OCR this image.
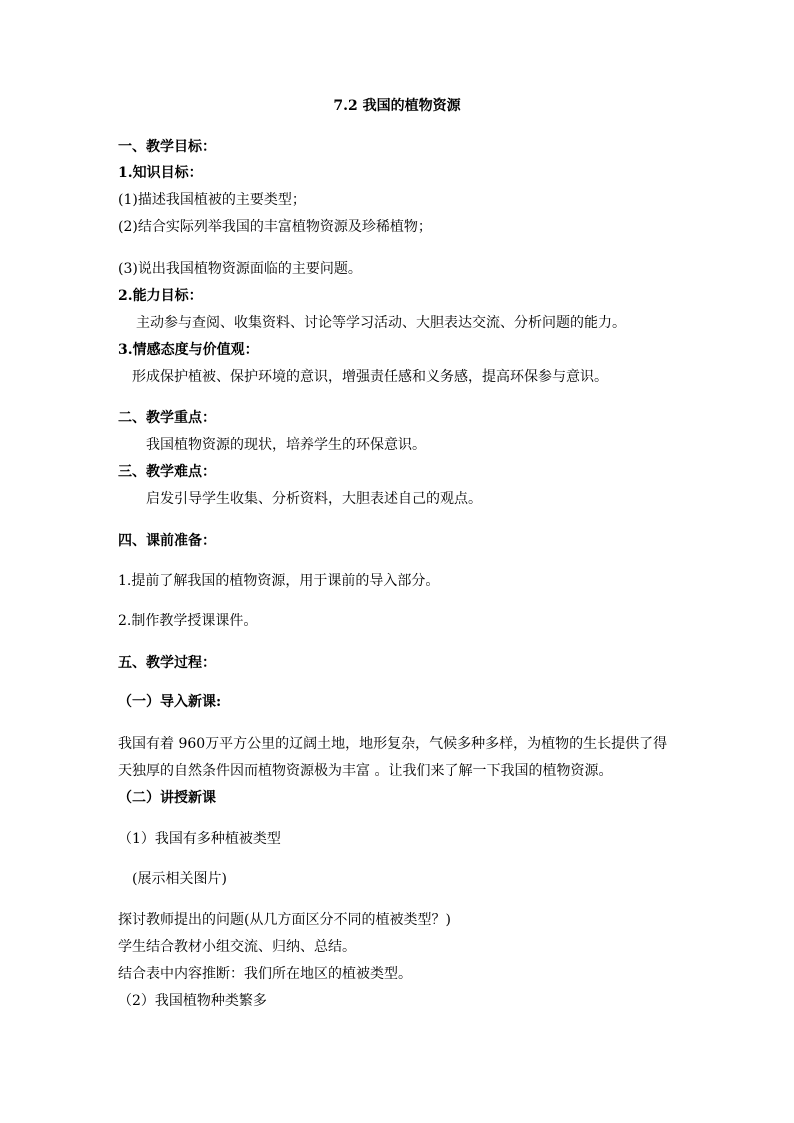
7.2 我国的植物资源
一、教学目标：
1.知识目标：
(1)描述我国植被的主要类型；
(2)结合实际列举我国的丰富植物资源及珍稀植物；
(3)说出我国植物资源面临的主要问题。
2.能力目标：
主动参与查阅、收集资料、讨论等学习活动、大胆表达交流、分析问题的能力。
3.情感态度与价值观：
形成保护植被、保护环境的意识，增强责任感和义务感，提高环保参与意识。
二、教学重点：
我国植物资源的现状，培养学生的环保意识。
三、教学难点：
启发引导学生收集、分析资料，大胆表述自己的观点。
四、课前准备：
1.提前了解我国的植物资源，用于课前的导入部分。
2.制作教学授课课件。
五、教学过程：
（一）导入新课:
我国有着 960万平方公里的辽阔土地，地形复杂，气候多种多样，为植物的生长提供了得
天独厚的自然条件因而植物资源极为丰富 。让我们来了解一下我国的植物资源。
（二）讲授新课
（1）我国有多种植被类型
(展示相关图片)
探讨教师提出的问题(从几方面区分不同的植被类型？)
学生结合教材小组交流、归纳、总结。
结合表中内容推断：我们所在地区的植被类型。
（2）我国植物种类繁多
